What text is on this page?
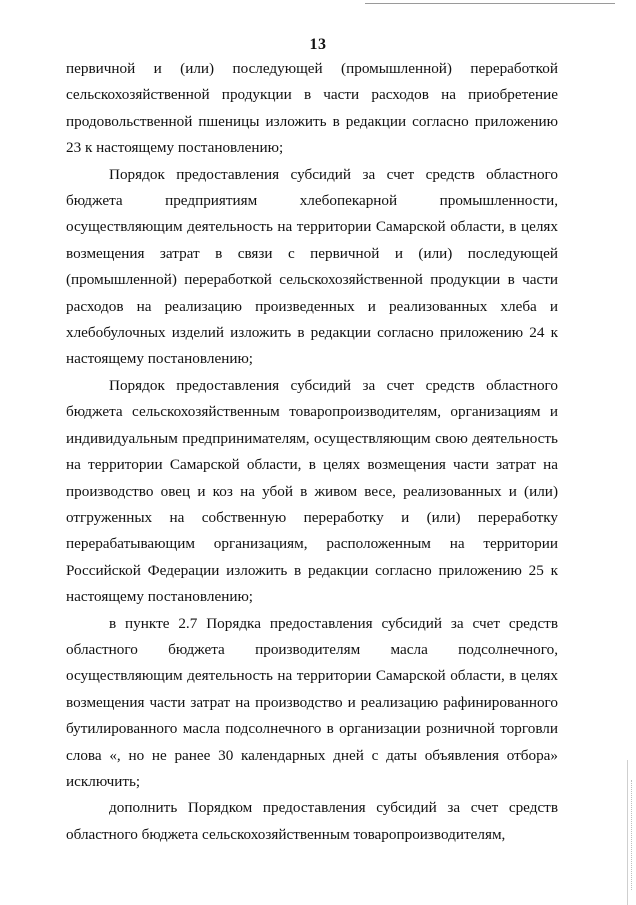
13

первичной и (или) последующей (промышленной) переработкой сельскохозяйственной продукции в части расходов на приобретение продовольственной пшеницы изложить в редакции согласно приложению 23 к настоящему постановлению;

Порядок предоставления субсидий за счет средств областного бюджета предприятиям хлебопекарной промышленности, осуществляющим деятельность на территории Самарской области, в целях возмещения затрат в связи с первичной и (или) последующей (промышленной) переработкой сельскохозяйственной продукции в части расходов на реализацию произведенных и реализованных хлеба и хлебобулочных изделий изложить в редакции согласно приложению 24 к настоящему постановлению;

Порядок предоставления субсидий за счет средств областного бюджета сельскохозяйственным товаропроизводителям, организациям и индивидуальным предпринимателям, осуществляющим свою деятельность на территории Самарской области, в целях возмещения части затрат на производство овец и коз на убой в живом весе, реализованных и (или) отгруженных на собственную переработку и (или) переработку перерабатывающим организациям, расположенным на территории Российской Федерации изложить в редакции согласно приложению 25 к настоящему постановлению;

в пункте 2.7 Порядка предоставления субсидий за счет средств областного бюджета производителям масла подсолнечного, осуществляющим деятельность на территории Самарской области, в целях возмещения части затрат на производство и реализацию рафинированного бутилированного масла подсолнечного в организации розничной торговли слова «, но не ранее 30 календарных дней с даты объявления отбора» исключить;

дополнить Порядком предоставления субсидий за счет средств областного бюджета сельскохозяйственным товаропроизводителям,
